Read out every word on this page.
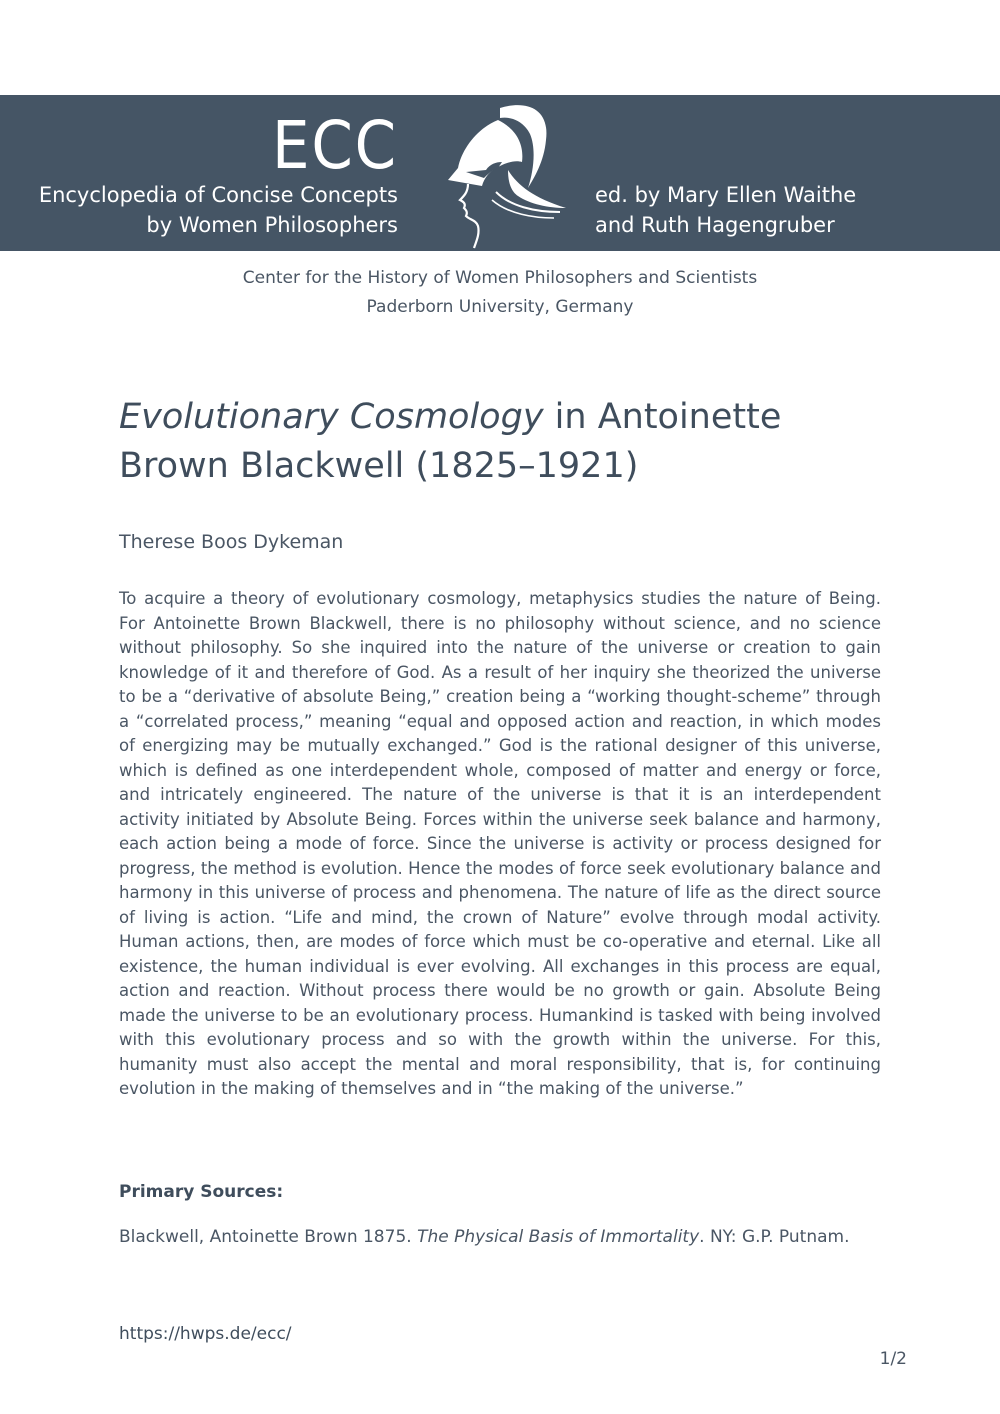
ECC
Encyclopedia of Concise Concepts
by Women Philosophers
ed. by Mary Ellen Waithe
and Ruth Hagengruber
Center for the History of Women Philosophers and Scientists
Paderborn University, Germany
Evolutionary Cosmology in Antoinette Brown Blackwell (1825–1921)
Therese Boos Dykeman

To acquire a theory of evolutionary cosmology, metaphysics studies the nature of Being. For Antoinette Brown Blackwell, there is no philosophy without science, and no science without philosophy. So she inquired into the nature of the universe or creation to gain knowledge of it and therefore of God. As a result of her inquiry she theorized the universe to be a “derivative of absolute Being,” creation being a “working thought-scheme” through a “correlated process,” meaning “equal and opposed action and reaction, in which modes of energizing may be mutually exchanged.” God is the rational designer of this universe, which is defined as one interdependent whole, composed of matter and energy or force, and intricately engineered. The nature of the universe is that it is an interdependent activity initiated by Absolute Being. Forces within the universe seek balance and harmony, each action being a mode of force. Since the universe is activity or process designed for progress, the method is evolution. Hence the modes of force seek evolutionary balance and harmony in this universe of process and phenomena. The nature of life as the direct source of living is action. “Life and mind, the crown of Nature” evolve through modal activity. Human actions, then, are modes of force which must be co-operative and eternal. Like all existence, the human individual is ever evolving. All exchanges in this process are equal, action and reaction. Without process there would be no growth or gain. Absolute Being made the universe to be an evolutionary process. Humankind is tasked with being involved with this evolutionary process and so with the growth within the universe. For this, humanity must also accept the mental and moral responsibility, that is, for continuing evolution in the making of themselves and in “the making of the universe.”

Primary Sources:
Blackwell, Antoinette Brown 1875. The Physical Basis of Immortality. NY: G.P. Putnam.
https://hwps.de/ecc/
1/2
